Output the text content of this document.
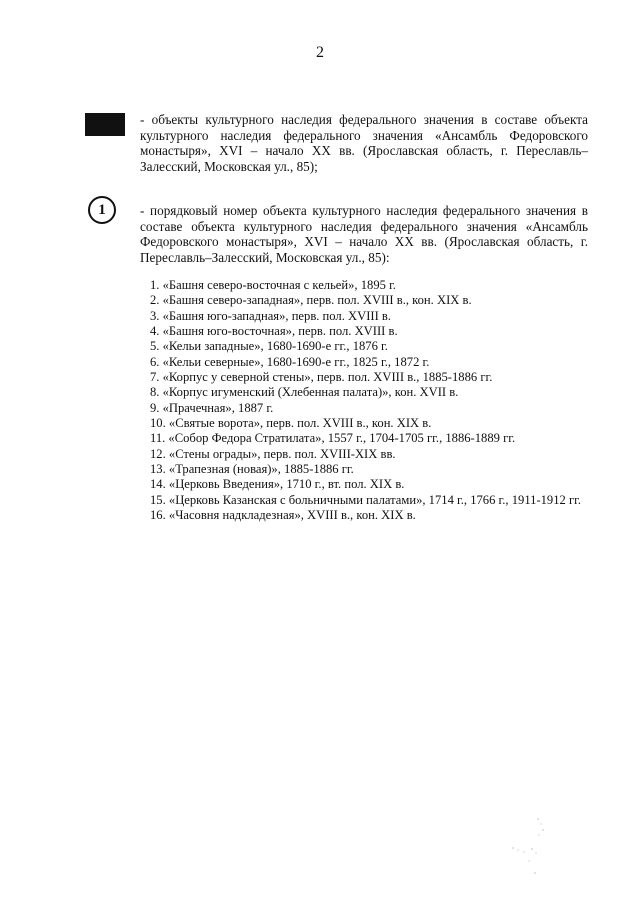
2

- объекты культурного наследия федерального значения в составе объекта культурного наследия федерального значения «Ансамбль Федоровского монастыря», XVI – начало XX вв. (Ярославская область, г. Переславль–Залесский, Московская ул., 85);

1	- порядковый номер объекта культурного наследия федерального значения в составе объекта культурного наследия федерального значения «Ансамбль Федоровского монастыря», XVI – начало XX вв. (Ярославская область, г. Переславль–Залесский, Московская ул., 85):

1. «Башня северо-восточная с кельей», 1895 г.
2. «Башня северо-западная», перв. пол. XVIII в., кон. XIX в.
3. «Башня юго-западная», перв. пол. XVIII в.
4. «Башня юго-восточная», перв. пол. XVIII в.
5. «Кельи западные», 1680-1690-е гг., 1876 г.
6. «Кельи северные», 1680-1690-е гг., 1825 г., 1872 г.
7. «Корпус у северной стены», перв. пол. XVIII в., 1885-1886 гг.
8. «Корпус игуменский (Хлебенная палата)», кон. XVII в.
9. «Прачечная», 1887 г.
10. «Святые ворота», перв. пол. XVIII в., кон. XIX в.
11. «Собор Федора Стратилата», 1557 г., 1704-1705 гг., 1886-1889 гг.
12. «Стены ограды», перв. пол. XVIII-XIX вв.
13. «Трапезная (новая)», 1885-1886 гг.
14. «Церковь Введения», 1710 г., вт. пол. XIX в.
15. «Церковь Казанская с больничными палатами», 1714 г., 1766 г., 1911-1912 гг.
16. «Часовня надкладезная», XVIII в., кон. XIX в.
